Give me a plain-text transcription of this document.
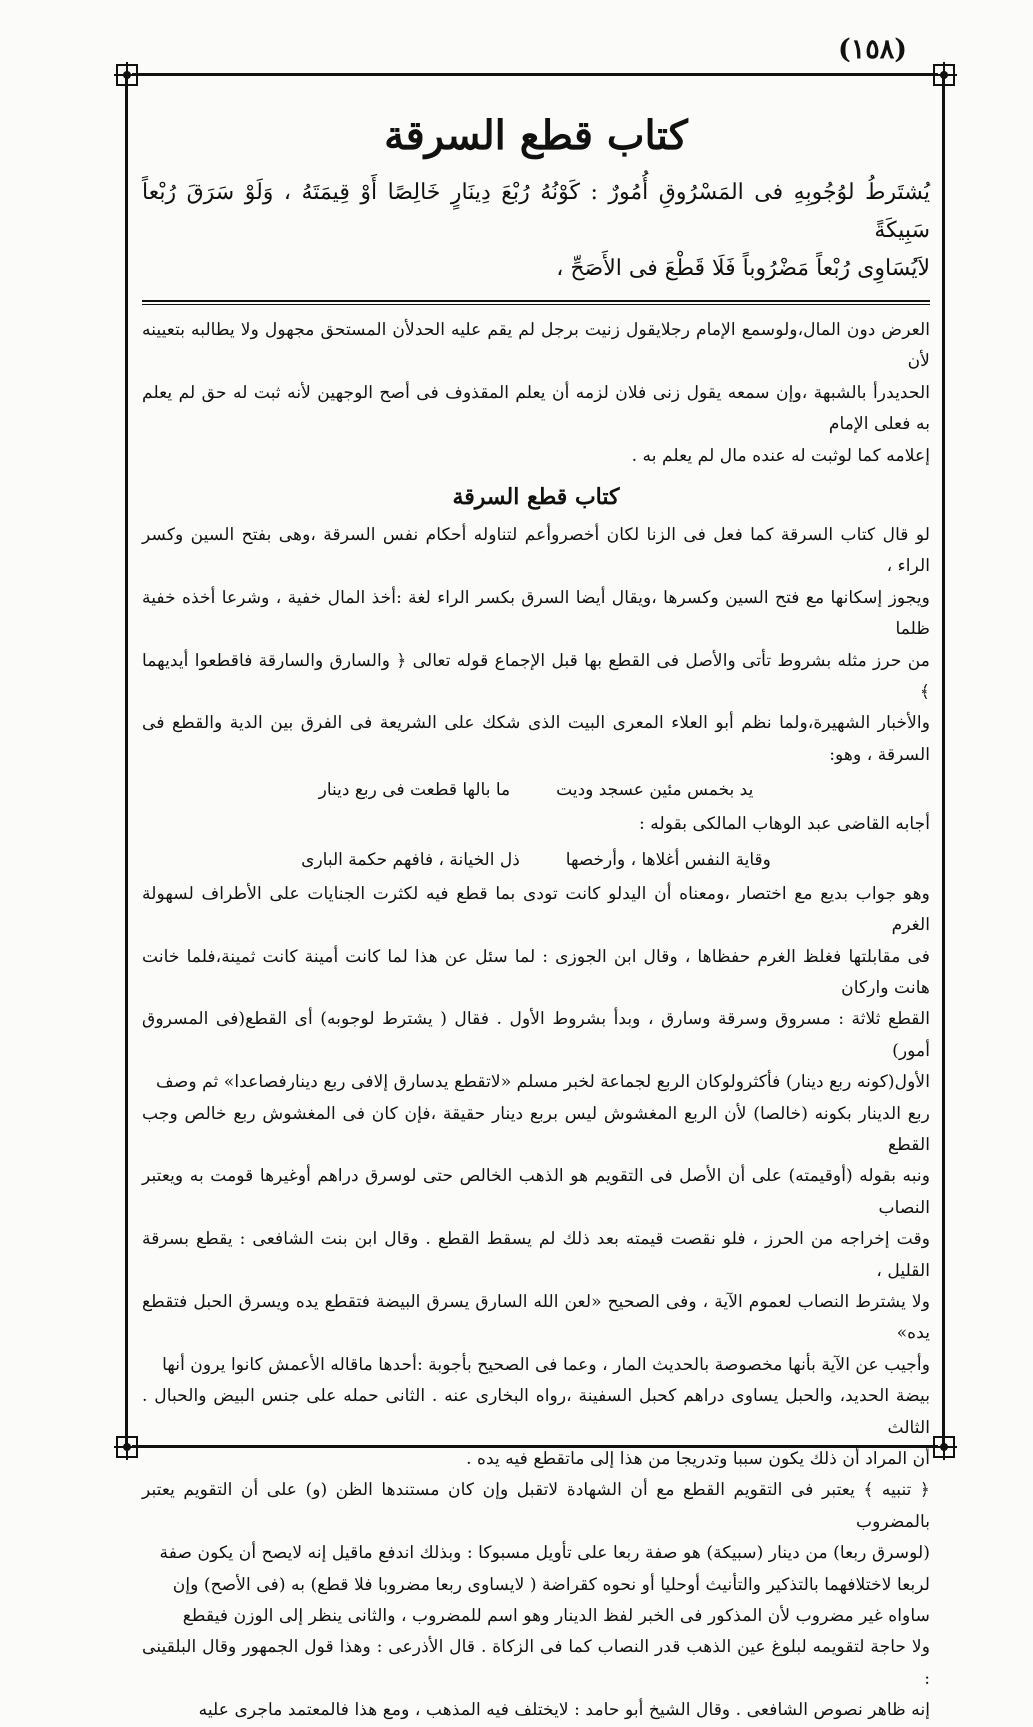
(١٥٨)
كتاب قطع السرقة

يُشتَرطُ لوُجُوبِهِ فى المَسْرُوقِ أُمُورٌ : كَوْنُهُ رُبْعَ دِينَارٍ خَالِصًا أَوْ قِيمَتَهُ ، وَلَوْ سَرَقَ رُبْعاً سَبِيكَةً

لاَيُسَاوِى رُبْعاً مَضْرُوباً فَلَا قَطْعَ فى الأَصَحِّ ،

العرض دون المال،ولوسمع الإمام رجلايقول زنيت برجل لم يقم عليه الحدلأن المستحق مجهول ولا يطالبه بتعيينه لأن

الحديدرأ بالشبهة ،وإن سمعه يقول زنى فلان لزمه أن يعلم المقذوف فى أصح الوجهين لأنه ثبت له حق لم يعلم به فعلى الإمام

إعلامه كما لوثبت له عنده مال لم يعلم به .

كتاب قطع السرقة

لو قال كتاب السرقة كما فعل فى الزنا لكان أخصروأعم لتناوله أحكام نفس السرقة ،وهى بفتح السين وكسر الراء ،

ويجوز إسكانها مع فتح السين وكسرها ،ويقال أيضا السرق بكسر الراء لغة :أخذ المال خفية ، وشرعا أخذه خفية ظلما

من حرز مثله بشروط تأتى والأصل فى القطع بها قبل الإجماع قوله تعالى ﴿ والسارق والسارقة فاقطعوا أيديهما ﴾

والأخبار الشهيرة،ولما نظم أبو العلاء المعرى البيت الذى شكك على الشريعة فى الفرق بين الدية والقطع فى السرقة ، وهو:

يد بخمس مئين عسجد وديت
ما بالها قطعت فى ربع دينار

أجابه القاضى عبد الوهاب المالكى بقوله :

وقاية النفس أغلاها ، وأرخصها
ذل الخيانة ، فافهم حكمة البارى

وهو جواب بديع مع اختصار ،ومعناه أن اليدلو كانت تودى بما قطع فيه لكثرت الجنايات على الأطراف لسهولة الغرم

فى مقابلتها فغلظ الغرم حفظاها ، وقال ابن الجوزى : لما سئل عن هذا لما كانت أمينة كانت ثمينة،فلما خانت هانت واركان

القطع ثلاثة : مسروق وسرقة وسارق ، وبدأ بشروط الأول . فقال ( يشترط لوجوبه) أى القطع(فى المسروق أمور)

الأول(كونه ربع دينار) فأكثرولوكان الربع لجماعة لخبر مسلم «لاتقطع يدسارق إلافى ربع دينارفصاعدا» ثم وصف

ربع الدينار بكونه (خالصا) لأن الربع المغشوش ليس بربع دينار حقيقة ،فإن كان فى المغشوش ربع خالص وجب القطع

ونبه بقوله (أوقيمته) على أن الأصل فى التقويم هو الذهب الخالص حتى لوسرق دراهم أوغيرها قومت به ويعتبر النصاب

وقت إخراجه من الحرز ، فلو نقصت قيمته بعد ذلك لم يسقط القطع . وقال ابن بنت الشافعى : يقطع بسرقة القليل ،

ولا يشترط النصاب لعموم الآية ، وفى الصحيح «لعن الله السارق يسرق البيضة فتقطع يده ويسرق الحبل فتقطع يده»

وأجيب عن الآية بأنها مخصوصة بالحديث المار ، وعما فى الصحيح بأجوبة :أحدها ماقاله الأعمش كانوا يرون أنها

بيضة الحديد، والحبل يساوى دراهم كحبل السفينة ،رواه البخارى عنه . الثانى حمله على جنس البيض والحبال . الثالث

أن المراد أن ذلك يكون سببا وتدريجا من هذا إلى ماتقطع فيه يده .

﴿ تنبيه ﴾ يعتبر فى التقويم القطع مع أن الشهادة لاتقبل وإن كان مستندها الظن (و) على أن التقويم يعتبر بالمضروب

(لوسرق ربعا) من دينار (سبيكة) هو صفة ربعا على تأويل مسبوكا : وبذلك اندفع ماقيل إنه لايصح أن يكون صفة

لربعا لاختلافهما بالتذكير والتأنيث أوحليا أو نحوه كقراضة ( لايساوى ربعا مضروبا فلا قطع) به (فى الأصح) وإن

ساواه غير مضروب لأن المذكور فى الخبر لفظ الدينار وهو اسم للمضروب ، والثانى ينظر إلى الوزن فيقطع

ولا حاجة لتقويمه لبلوغ عين الذهب قدر النصاب كما فى الزكاة . قال الأذرعى : وهذا قول الجمهور وقال البلقينى :

إنه ظاهر نصوص الشافعى . وقال الشيخ أبو حامد : لايختلف فيه المذهب ، ومع هذا فالمعتمد ماجرى عليه
